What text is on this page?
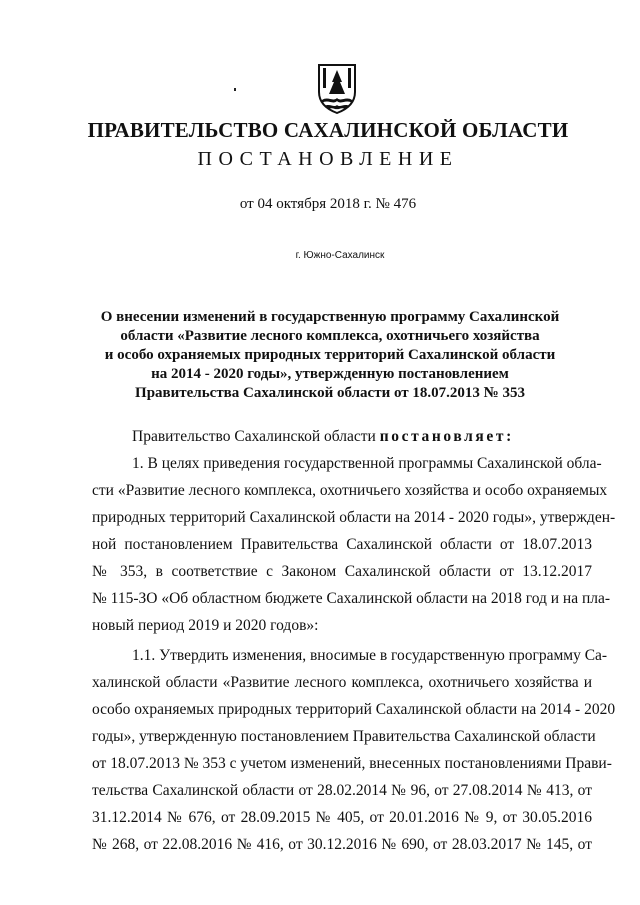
ПРАВИТЕЛЬСТВО САХАЛИНСКОЙ ОБЛАСТИ
ПОСТАНОВЛЕНИЕ
от 04 октября 2018 г. № 476
г. Южно-Сахалинск
О внесении изменений в государственную программу Сахалинской
области «Развитие лесного комплекса, охотничьего хозяйства
и особо охраняемых природных территорий Сахалинской области
на 2014 - 2020 годы», утвержденную постановлением
Правительства Сахалинской области от 18.07.2013 № 353
Правительство Сахалинской области постановляет:
1. В целях приведения государственной программы Сахалинской обла-
сти «Развитие лесного комплекса, охотничьего хозяйства и особо охраняемых
природных территорий Сахалинской области на 2014 - 2020 годы», утвержден-
ной постановлением Правительства Сахалинской области от 18.07.2013
№ 353, в соответствие с Законом Сахалинской области от 13.12.2017
№ 115-ЗО «Об областном бюджете Сахалинской области на 2018 год и на пла-
новый период 2019 и 2020 годов»:
1.1. Утвердить изменения, вносимые в государственную программу Са-
халинской области «Развитие лесного комплекса, охотничьего хозяйства и
особо охраняемых природных территорий Сахалинской области на 2014 - 2020
годы», утвержденную постановлением Правительства Сахалинской области
от 18.07.2013 № 353 с учетом изменений, внесенных постановлениями Прави-
тельства Сахалинской области от 28.02.2014 № 96, от 27.08.2014 № 413, от
31.12.2014 № 676, от 28.09.2015 № 405, от 20.01.2016 № 9, от 30.05.2016
№ 268, от 22.08.2016 № 416, от 30.12.2016 № 690, от 28.03.2017 № 145, от
